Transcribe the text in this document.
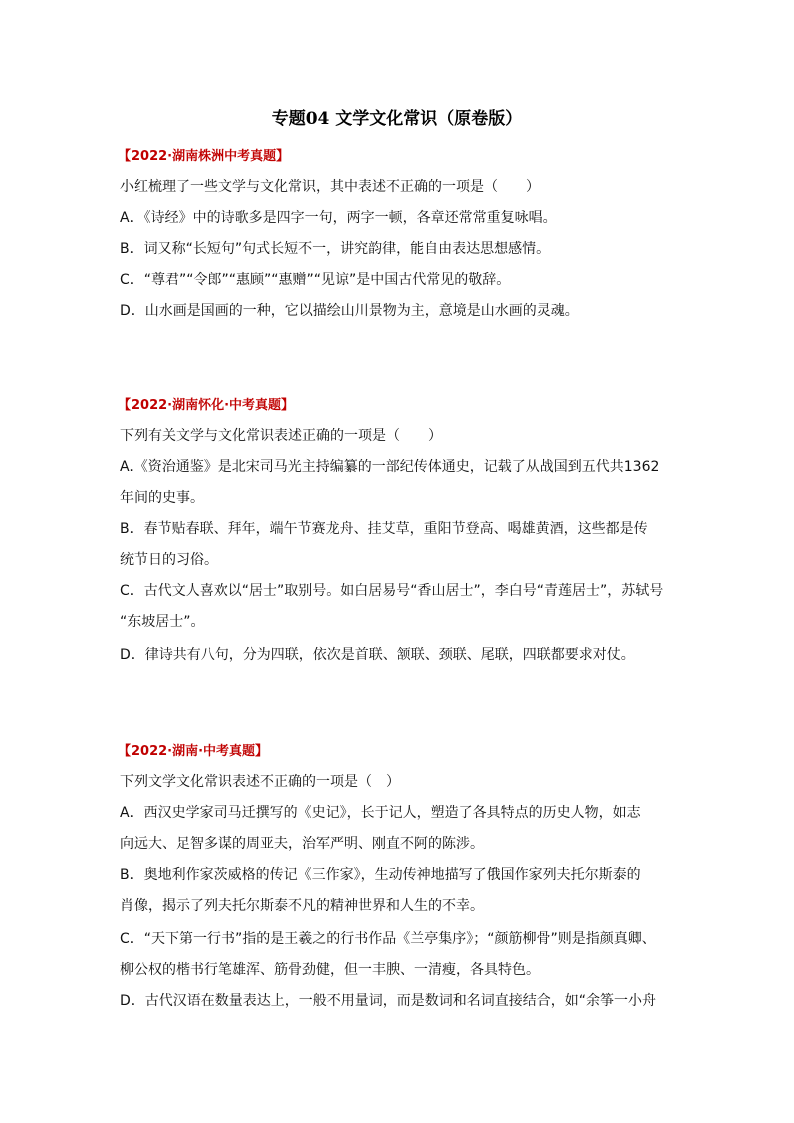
专题04 文学文化常识（原卷版）
【2022·湖南株洲中考真题】
小红梳理了一些文学与文化常识，其中表述不正确的一项是（　　）
A．《诗经》中的诗歌多是四字一句，两字一顿，各章还常常重复咏唱。
B．词又称“长短句”句式长短不一，讲究韵律，能自由表达思想感情。
C．“尊君”“令郎”“惠顾”“惠赠”“见谅”是中国古代常见的敬辞。
D．山水画是国画的一种，它以描绘山川景物为主，意境是山水画的灵魂。
【2022·湖南怀化·中考真题】
下列有关文学与文化常识表述正确的一项是（　　）
A.《资治通鉴》是北宋司马光主持编纂的一部纪传体通史，记载了从战国到五代共1362
年间的史事。
B．春节贴春联、拜年，端午节赛龙舟、挂艾草，重阳节登高、喝雄黄酒，这些都是传
统节日的习俗。
C．古代文人喜欢以“居士”取别号。如白居易号“香山居士”，李白号“青莲居士”，苏轼号
“东坡居士”。
D．律诗共有八句，分为四联，依次是首联、颔联、颈联、尾联，四联都要求对仗。
【2022·湖南·中考真题】
下列文学文化常识表述不正确的一项是（　）
A．西汉史学家司马迁撰写的《史记》，长于记人，塑造了各具特点的历史人物，如志
向远大、足智多谋的周亚夫，治军严明、刚直不阿的陈涉。
B．奥地利作家茨威格的传记《三作家》，生动传神地描写了俄国作家列夫托尔斯泰的
肖像，揭示了列夫托尔斯泰不凡的精神世界和人生的不幸。
C．“天下第一行书”指的是王羲之的行书作品《兰亭集序》；“颜筋柳骨”则是指颜真卿、
柳公权的楷书行笔雄浑、筋骨劲健，但一丰腴、一清瘦，各具特色。
D．古代汉语在数量表达上，一般不用量词，而是数词和名词直接结合，如“余筝一小舟
